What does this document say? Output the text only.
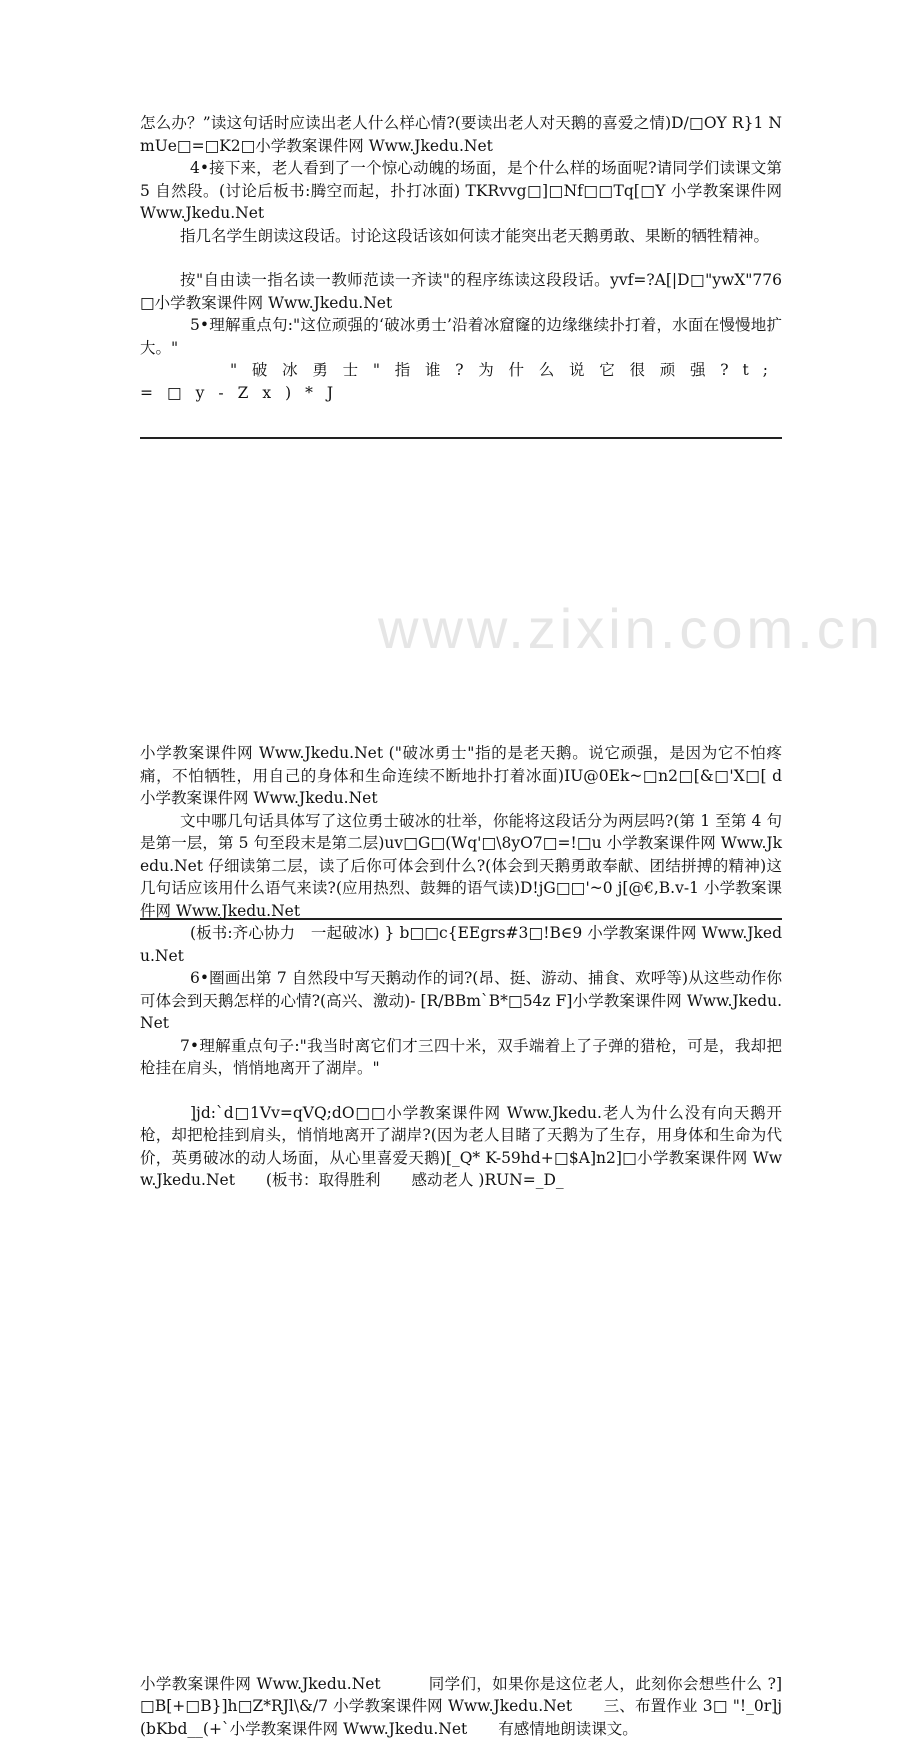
www.zixin.com.cn

怎么办？”读这句话时应读出老人什么样心情?(要读出老人对天鹅的喜爱之情)D/□OY R}1 NmUe□=□K2□小学教案课件网 Www.Jkedu.Net

4•接下来，老人看到了一个惊心动魄的场面，是个什么样的场面呢?请同学们读课文第 5 自然段。(讨论后板书:腾空而起，扑打冰面) TKRvvg□]□Nf□□Tq[□Y 小学教案课件网 Www.Jkedu.Net

指几名学生朗读这段话。讨论这段话该如何读才能突出老天鹅勇敢、果断的牺牲精神。

按"自由读一指名读一教师范读一齐读"的程序练读这段段话。yvf=?A[|D□"ywX"776□小学教案课件网 Www.Jkedu.Net

5•理解重点句:"这位顽强的‘破冰勇士’沿着冰窟窿的边缘继续扑打着，水面在慢慢地扩大。"

"破冰勇士"指谁?为什么说它很顽强?t;=□y-Zx)*J

小学教案课件网 Www.Jkedu.Net ("破冰勇士"指的是老天鹅。说它顽强，是因为它不怕疼痛，不怕牺牲，用自己的身体和生命连续不断地扑打着冰面)IU@0Ek~□n2□[&□'X□[ d 小学教案课件网 Www.Jkedu.Net

文中哪几句话具体写了这位勇士破冰的壮举，你能将这段话分为两层吗?(第 1 至第 4 句是第一层，第 5 句至段末是第二层)uv□G□(Wq'□\8yO7□=!□u 小学教案课件网 Www.Jkedu.Net 仔细读第二层，读了后你可体会到什么?(体会到天鹅勇敢奉献、团结拼搏的精神)这几句话应该用什么语气来读?(应用热烈、鼓舞的语气读)D!jG□□'~0 j[@€,B.v-1 小学教案课件网 Www.Jkedu.Net

(板书:齐心协力　一起破冰) } b□□c{EEgrs#3□!B∈9 小学教案课件网 Www.Jkedu.Net

6•圈画出第 7 自然段中写天鹅动作的词?(昂、挺、游动、捕食、欢呼等)从这些动作你可体会到天鹅怎样的心情?(高兴、激动)- [R/BBm`B*□54z F]小学教案课件网 Www.Jkedu.Net

7•理解重点句子:"我当时离它们才三四十米，双手端着上了子弹的猎枪，可是，我却把枪挂在肩头，悄悄地离开了湖岸。"

]jd:`d□1Vv=qVQ;dO□□小学教案课件网 Www.Jkedu.老人为什么没有向天鹅开枪，却把枪挂到肩头，悄悄地离开了湖岸?(因为老人目睹了天鹅为了生存，用身体和生命为代价，英勇破冰的动人场面，从心里喜爱天鹅)[_Q* K-59hd+□$A]n2]□小学教案课件网 Www.Jkedu.Net　　(板书：取得胜利　　感动老人 )RUN=_D_

小学教案课件网 Www.Jkedu.Net　　　同学们，如果你是这位老人，此刻你会想些什么 ?]□B[+□B}]h□Z*RJl\&/7 小学教案课件网 Www.Jkedu.Net　　三、布置作业 3□ "!_0r]j(bKbd__(+`小学教案课件网 Www.Jkedu.Net　　有感情地朗读课文。
